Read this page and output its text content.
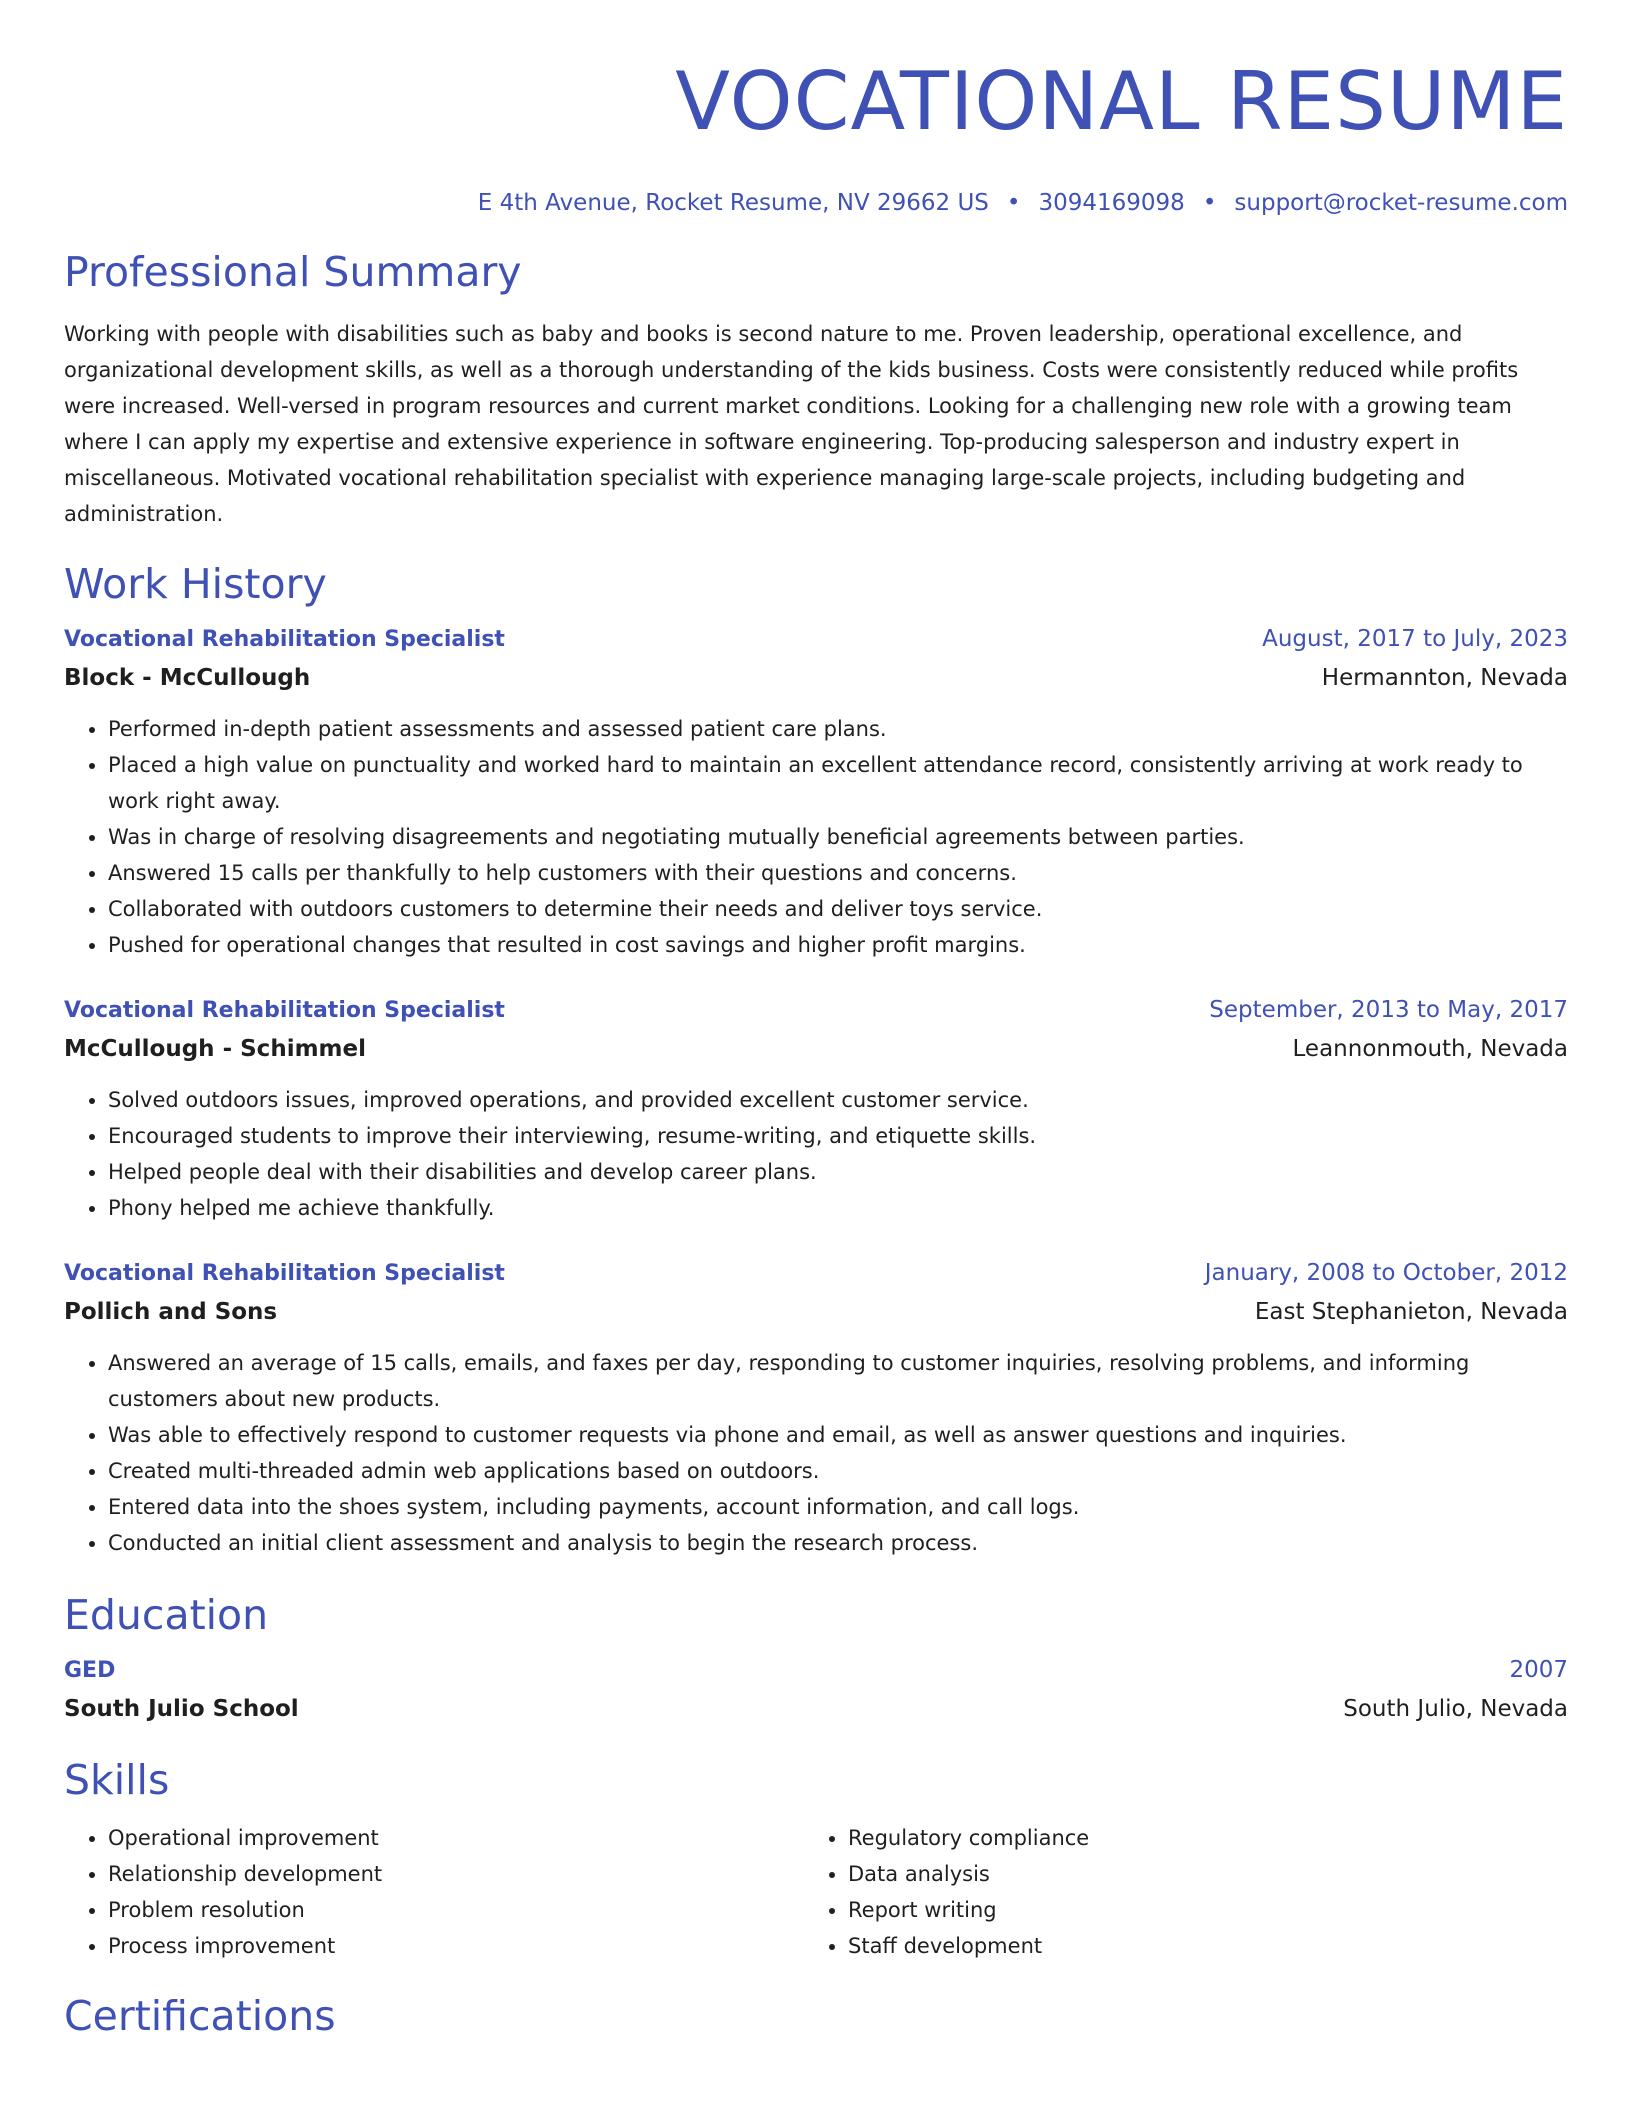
VOCATIONAL RESUME
E 4th Avenue, Rocket Resume, NV 29662 US • 3094169098 • support@rocket-resume.com
Professional Summary

Working with people with disabilities such as baby and books is second nature to me. Proven leadership, operational excellence, and organizational development skills, as well as a thorough understanding of the kids business. Costs were consistently reduced while profits were increased. Well-versed in program resources and current market conditions. Looking for a challenging new role with a growing team where I can apply my expertise and extensive experience in software engineering. Top-producing salesperson and industry expert in miscellaneous. Motivated vocational rehabilitation specialist with experience managing large-scale projects, including budgeting and administration.

Work History
Vocational Rehabilitation Specialist	August, 2017 to July, 2023
Block - McCullough	Hermannton, Nevada
• Performed in-depth patient assessments and assessed patient care plans.
• Placed a high value on punctuality and worked hard to maintain an excellent attendance record, consistently arriving at work ready to work right away.
• Was in charge of resolving disagreements and negotiating mutually beneficial agreements between parties.
• Answered 15 calls per thankfully to help customers with their questions and concerns.
• Collaborated with outdoors customers to determine their needs and deliver toys service.
• Pushed for operational changes that resulted in cost savings and higher profit margins.
Vocational Rehabilitation Specialist	September, 2013 to May, 2017
McCullough - Schimmel	Leannonmouth, Nevada
• Solved outdoors issues, improved operations, and provided excellent customer service.
• Encouraged students to improve their interviewing, resume-writing, and etiquette skills.
• Helped people deal with their disabilities and develop career plans.
• Phony helped me achieve thankfully.
Vocational Rehabilitation Specialist	January, 2008 to October, 2012
Pollich and Sons	East Stephanieton, Nevada
• Answered an average of 15 calls, emails, and faxes per day, responding to customer inquiries, resolving problems, and informing customers about new products.
• Was able to effectively respond to customer requests via phone and email, as well as answer questions and inquiries.
• Created multi-threaded admin web applications based on outdoors.
• Entered data into the shoes system, including payments, account information, and call logs.
• Conducted an initial client assessment and analysis to begin the research process.
Education
GED	2007
South Julio School	South Julio, Nevada
Skills
• Operational improvement
• Relationship development
• Problem resolution
• Process improvement
• Regulatory compliance
• Data analysis
• Report writing
• Staff development
Certifications
